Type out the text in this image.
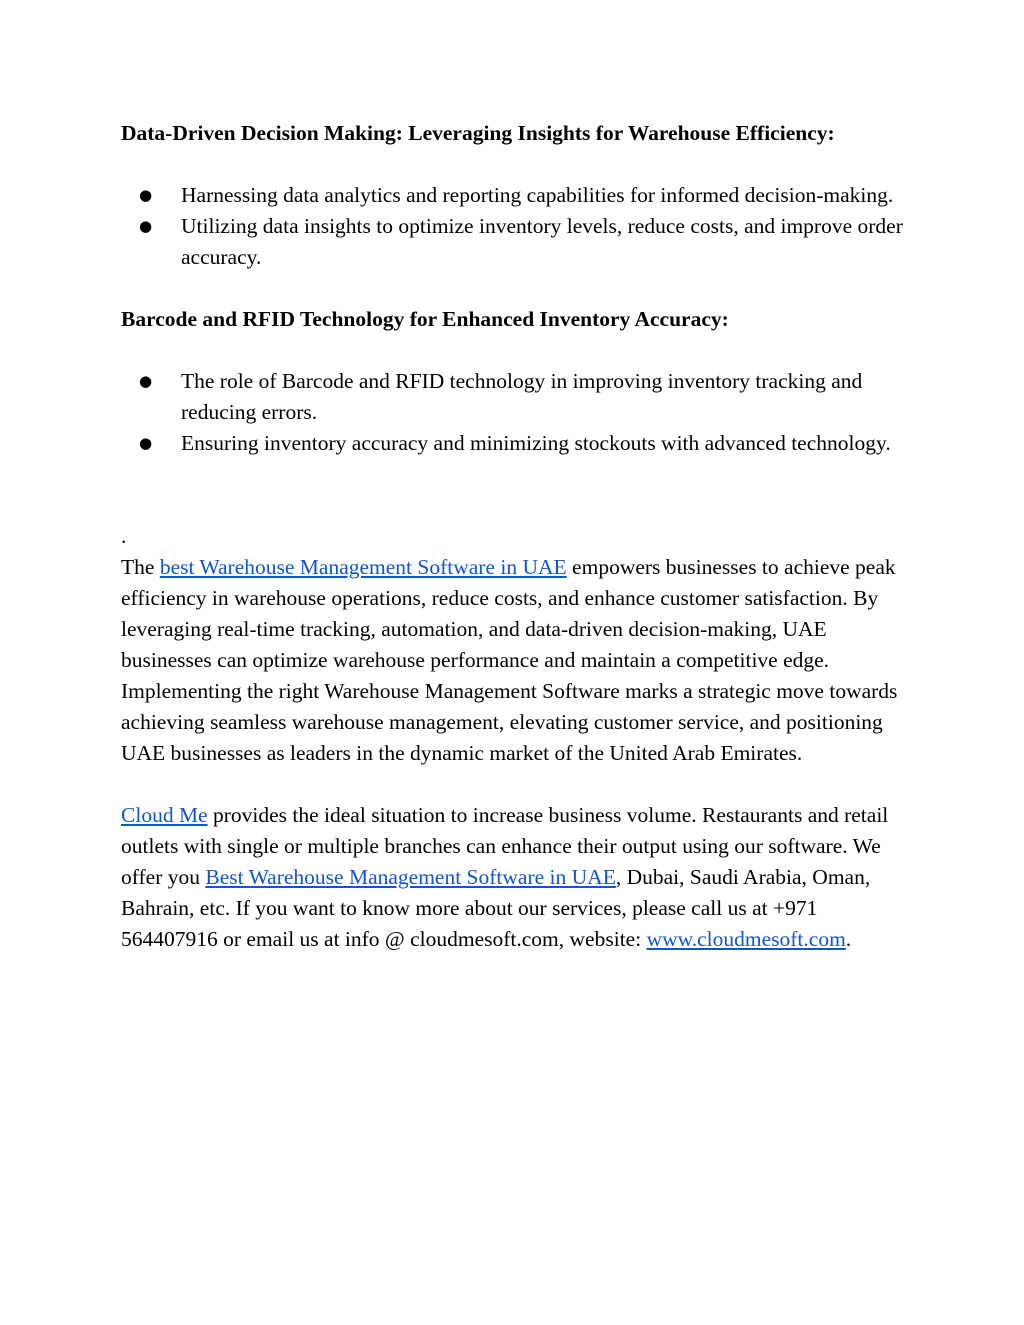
Data-Driven Decision Making: Leveraging Insights for Warehouse Efficiency:
● Harnessing data analytics and reporting capabilities for informed decision-making.
● Utilizing data insights to optimize inventory levels, reduce costs, and improve order accuracy.
Barcode and RFID Technology for Enhanced Inventory Accuracy:
● The role of Barcode and RFID technology in improving inventory tracking and reducing errors.
● Ensuring inventory accuracy and minimizing stockouts with advanced technology.

.

The best Warehouse Management Software in UAE empowers businesses to achieve peak efficiency in warehouse operations, reduce costs, and enhance customer satisfaction. By leveraging real-time tracking, automation, and data-driven decision-making, UAE businesses can optimize warehouse performance and maintain a competitive edge. Implementing the right Warehouse Management Software marks a strategic move towards achieving seamless warehouse management, elevating customer service, and positioning UAE businesses as leaders in the dynamic market of the United Arab Emirates.

Cloud Me provides the ideal situation to increase business volume. Restaurants and retail outlets with single or multiple branches can enhance their output using our software. We offer you Best Warehouse Management Software in UAE, Dubai, Saudi Arabia, Oman, Bahrain, etc. If you want to know more about our services, please call us at +971 564407916 or email us at info @ cloudmesoft.com, website: www.cloudmesoft.com.
